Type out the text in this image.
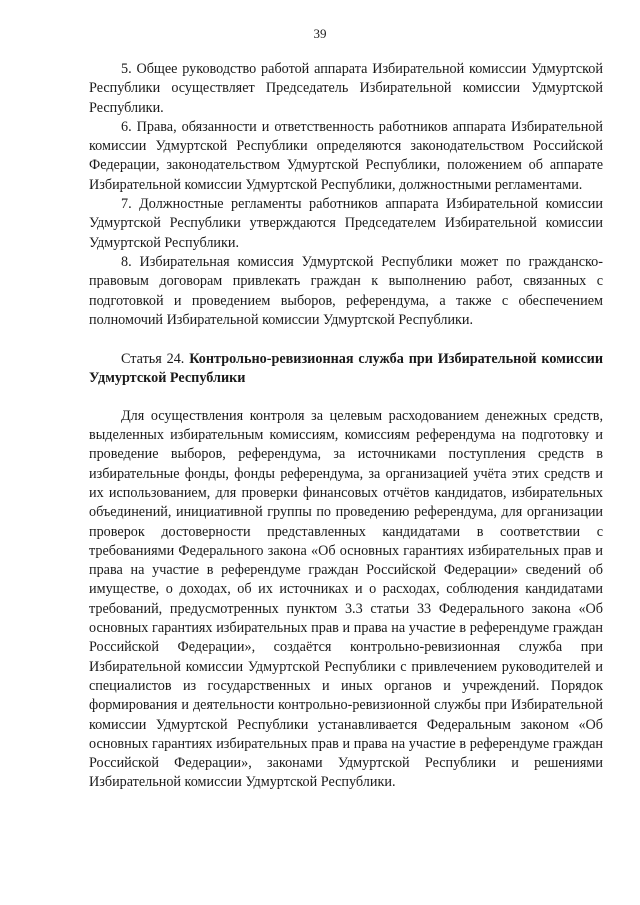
39

5. Общее руководство работой аппарата Избирательной комиссии Удмуртской Республики осуществляет Председатель Избирательной комиссии Удмуртской Республики.

6. Права, обязанности и ответственность работников аппарата Избирательной комиссии Удмуртской Республики определяются законодательством Российской Федерации, законодательством Удмуртской Республики, положением об аппарате Избирательной комиссии Удмуртской Республики, должностными регламентами.

7. Должностные регламенты работников аппарата Избирательной комиссии Удмуртской Республики утверждаются Председателем Избирательной комиссии Удмуртской Республики.

8. Избирательная комиссия Удмуртской Республики может по гражданско-правовым договорам привлекать граждан к выполнению работ, связанных с подготовкой и проведением выборов, референдума, а также с обеспечением полномочий Избирательной комиссии Удмуртской Республики.

Статья 24. Контрольно-ревизионная служба при Избирательной комиссии Удмуртской Республики

Для осуществления контроля за целевым расходованием денежных средств, выделенных избирательным комиссиям, комиссиям референдума на подготовку и проведение выборов, референдума, за источниками поступления средств в избирательные фонды, фонды референдума, за организацией учёта этих средств и их использованием, для проверки финансовых отчётов кандидатов, избирательных объединений, инициативной группы по проведению референдума, для организации проверок достоверности представленных кандидатами в соответствии с требованиями Федерального закона «Об основных гарантиях избирательных прав и права на участие в референдуме граждан Российской Федерации» сведений об имуществе, о доходах, об их источниках и о расходах, соблюдения кандидатами требований, предусмотренных пунктом 3.3 статьи 33 Федерального закона «Об основных гарантиях избирательных прав и права на участие в референдуме граждан Российской Федерации», создаётся контрольно-ревизионная служба при Избирательной комиссии Удмуртской Республики с привлечением руководителей и специалистов из государственных и иных органов и учреждений. Порядок формирования и деятельности контрольно-ревизионной службы при Избирательной комиссии Удмуртской Республики устанавливается Федеральным законом «Об основных гарантиях избирательных прав и права на участие в референдуме граждан Российской Федерации», законами Удмуртской Республики и решениями Избирательной комиссии Удмуртской Республики.
